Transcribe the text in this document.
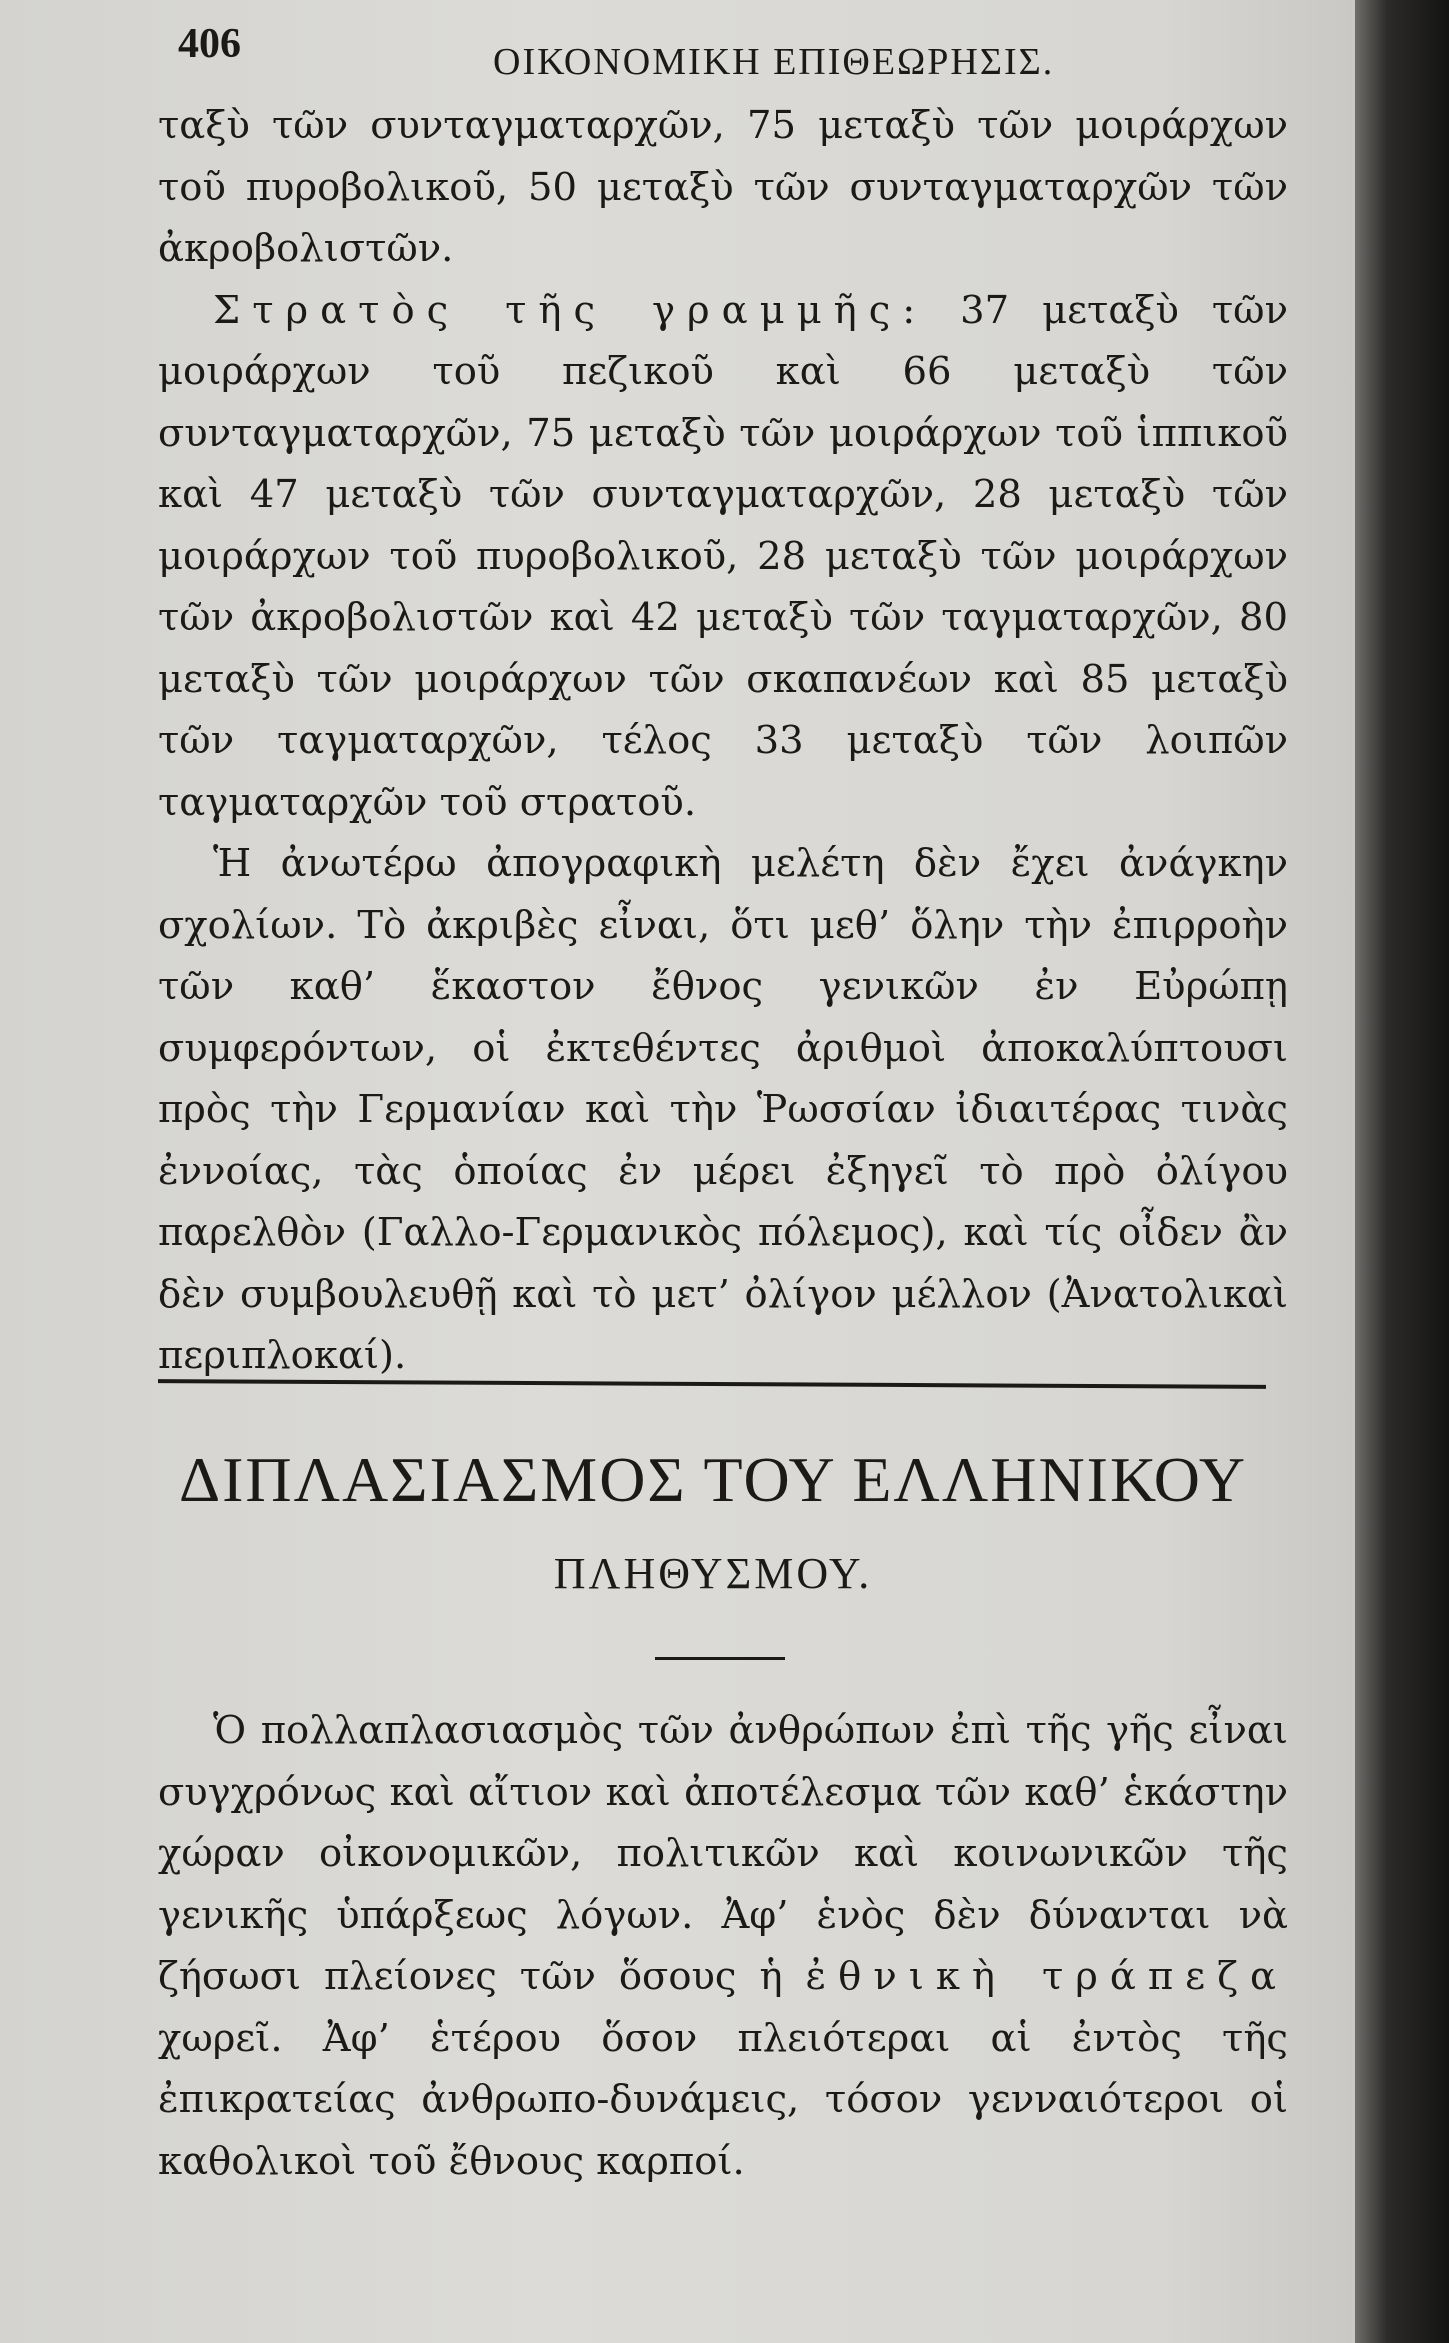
406	ΟΙΚΟΝΟΜΙΚΗ ΕΠΙΘΕΩΡΗΣΙΣ.

ταξὺ τῶν συνταγματαρχῶν, 75 μεταξὺ τῶν μοιράρχων τοῦ πυροβολικοῦ, 50 μεταξὺ τῶν συνταγματαρχῶν τῶν ἀκροβολιστῶν.

Στρατὸς τῆς γραμμῆς: 37 μεταξὺ τῶν μοιράρχων τοῦ πεζικοῦ καὶ 66 μεταξὺ τῶν συνταγματαρχῶν, 75 μεταξὺ τῶν μοιράρχων τοῦ ἱππικοῦ καὶ 47 μεταξὺ τῶν συνταγματαρχῶν, 28 μεταξὺ τῶν μοιράρχων τοῦ πυροβολικοῦ, 28 μεταξὺ τῶν μοιράρχων τῶν ἀκροβολιστῶν καὶ 42 μεταξὺ τῶν ταγματαρχῶν, 80 μεταξὺ τῶν μοιράρχων τῶν σκαπανέων καὶ 85 μεταξὺ τῶν ταγματαρχῶν, τέλος 33 μεταξὺ τῶν λοιπῶν ταγματαρχῶν τοῦ στρατοῦ.

Ἡ ἀνωτέρω ἀπογραφικὴ μελέτη δὲν ἔχει ἀνάγκην σχολίων. Τὸ ἀκριβὲς εἶναι, ὅτι μεθ’ ὅλην τὴν ἐπιρροὴν τῶν καθ’ ἕκαστον ἔθνος γενικῶν ἐν Εὐρώπῃ συμφερόντων, οἱ ἐκτεθέντες ἀριθμοὶ ἀποκαλύπτουσι πρὸς τὴν Γερμανίαν καὶ τὴν Ῥωσσίαν ἰδιαιτέρας τινὰς ἐννοίας, τὰς ὁποίας ἐν μέρει ἐξηγεῖ τὸ πρὸ ὀλίγου παρελθὸν (Γαλλο-Γερμανικὸς πόλεμος), καὶ τίς οἶδεν ἂν δὲν συμβουλευθῇ καὶ τὸ μετ’ ὀλίγον μέλλον (Ἀνατολικαὶ περιπλοκαί).

ΔΙΠΛΑΣΙΑΣΜΟΣ ΤΟΥ ΕΛΛΗΝΙΚΟΥ
ΠΛΗΘΥΣΜΟΥ.

Ὁ πολλαπλασιασμὸς τῶν ἀνθρώπων ἐπὶ τῆς γῆς εἶναι συγχρόνως καὶ αἴτιον καὶ ἀποτέλεσμα τῶν καθ’ ἑκάστην χώραν οἰκονομικῶν, πολιτικῶν καὶ κοινωνικῶν τῆς γενικῆς ὑπάρξεως λόγων. Ἀφ’ ἑνὸς δὲν δύνανται νὰ ζήσωσι πλείονες τῶν ὅσους ἡ ἐθνικὴ τράπεζα χωρεῖ. Ἀφ’ ἑτέρου ὅσον πλειότεραι αἱ ἐντὸς τῆς ἐπικρατείας ἀνθρωπο-δυνάμεις, τόσον γενναιότεροι οἱ καθολικοὶ τοῦ ἔθνους καρποί.
